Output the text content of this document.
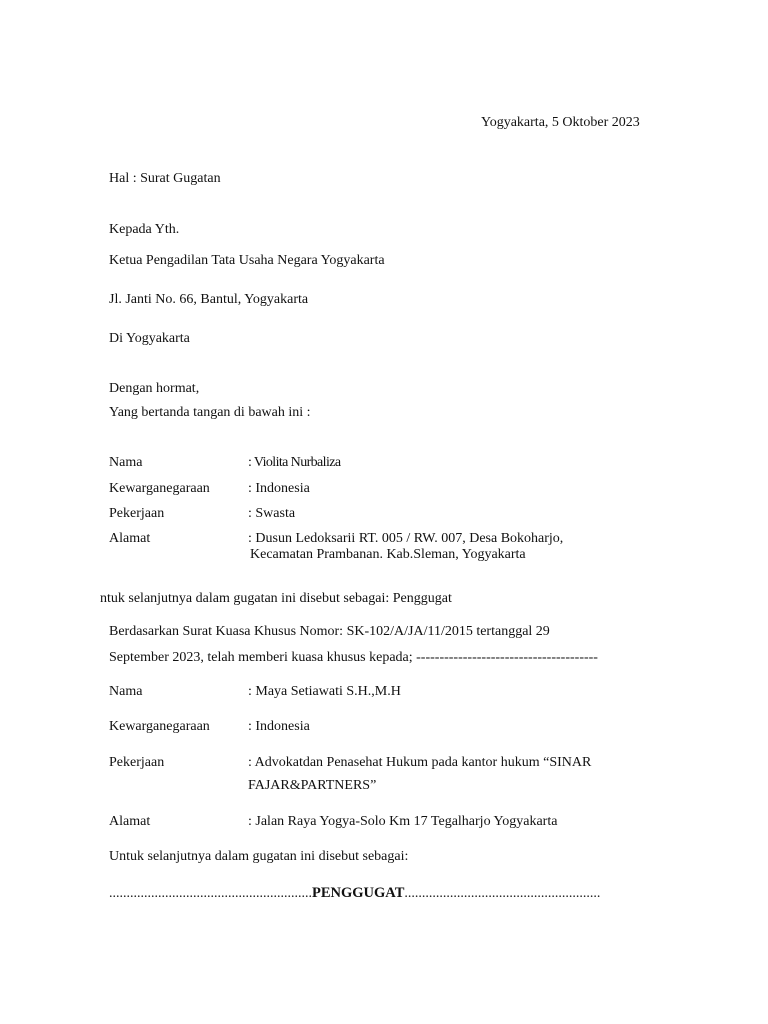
Yogyakarta, 5 Oktober 2023
Hal : Surat Gugatan
Kepada Yth.
Ketua Pengadilan Tata Usaha Negara Yogyakarta
Jl. Janti No. 66, Bantul, Yogyakarta
Di Yogyakarta
Dengan hormat,
Yang bertanda tangan di bawah ini :
Nama	: Violita Nurbaliza
Kewarganegaraan	: Indonesia
Pekerjaan	: Swasta
Alamat	: Dusun Ledoksarii RT. 005 / RW. 007, Desa Bokoharjo,
Kecamatan Prambanan. Kab.Sleman, Yogyakarta
ntuk selanjutnya dalam gugatan ini disebut sebagai: Penggugat
Berdasarkan Surat Kuasa Khusus Nomor: SK-102/A/JA/11/2015 tertanggal 29
September 2023, telah memberi kuasa khusus kepada; ---------------------------------------
Nama	: Maya Setiawati S.H.,M.H
Kewarganegaraan	: Indonesia
Pekerjaan	: Advokatdan Penasehat Hukum pada kantor hukum “SINAR
FAJAR&PARTNERS”
Alamat	: Jalan Raya Yogya-Solo Km 17 Tegalharjo Yogyakarta
Untuk selanjutnya dalam gugatan ini disebut sebagai:
..........................................................PENGGUGAT........................................................
